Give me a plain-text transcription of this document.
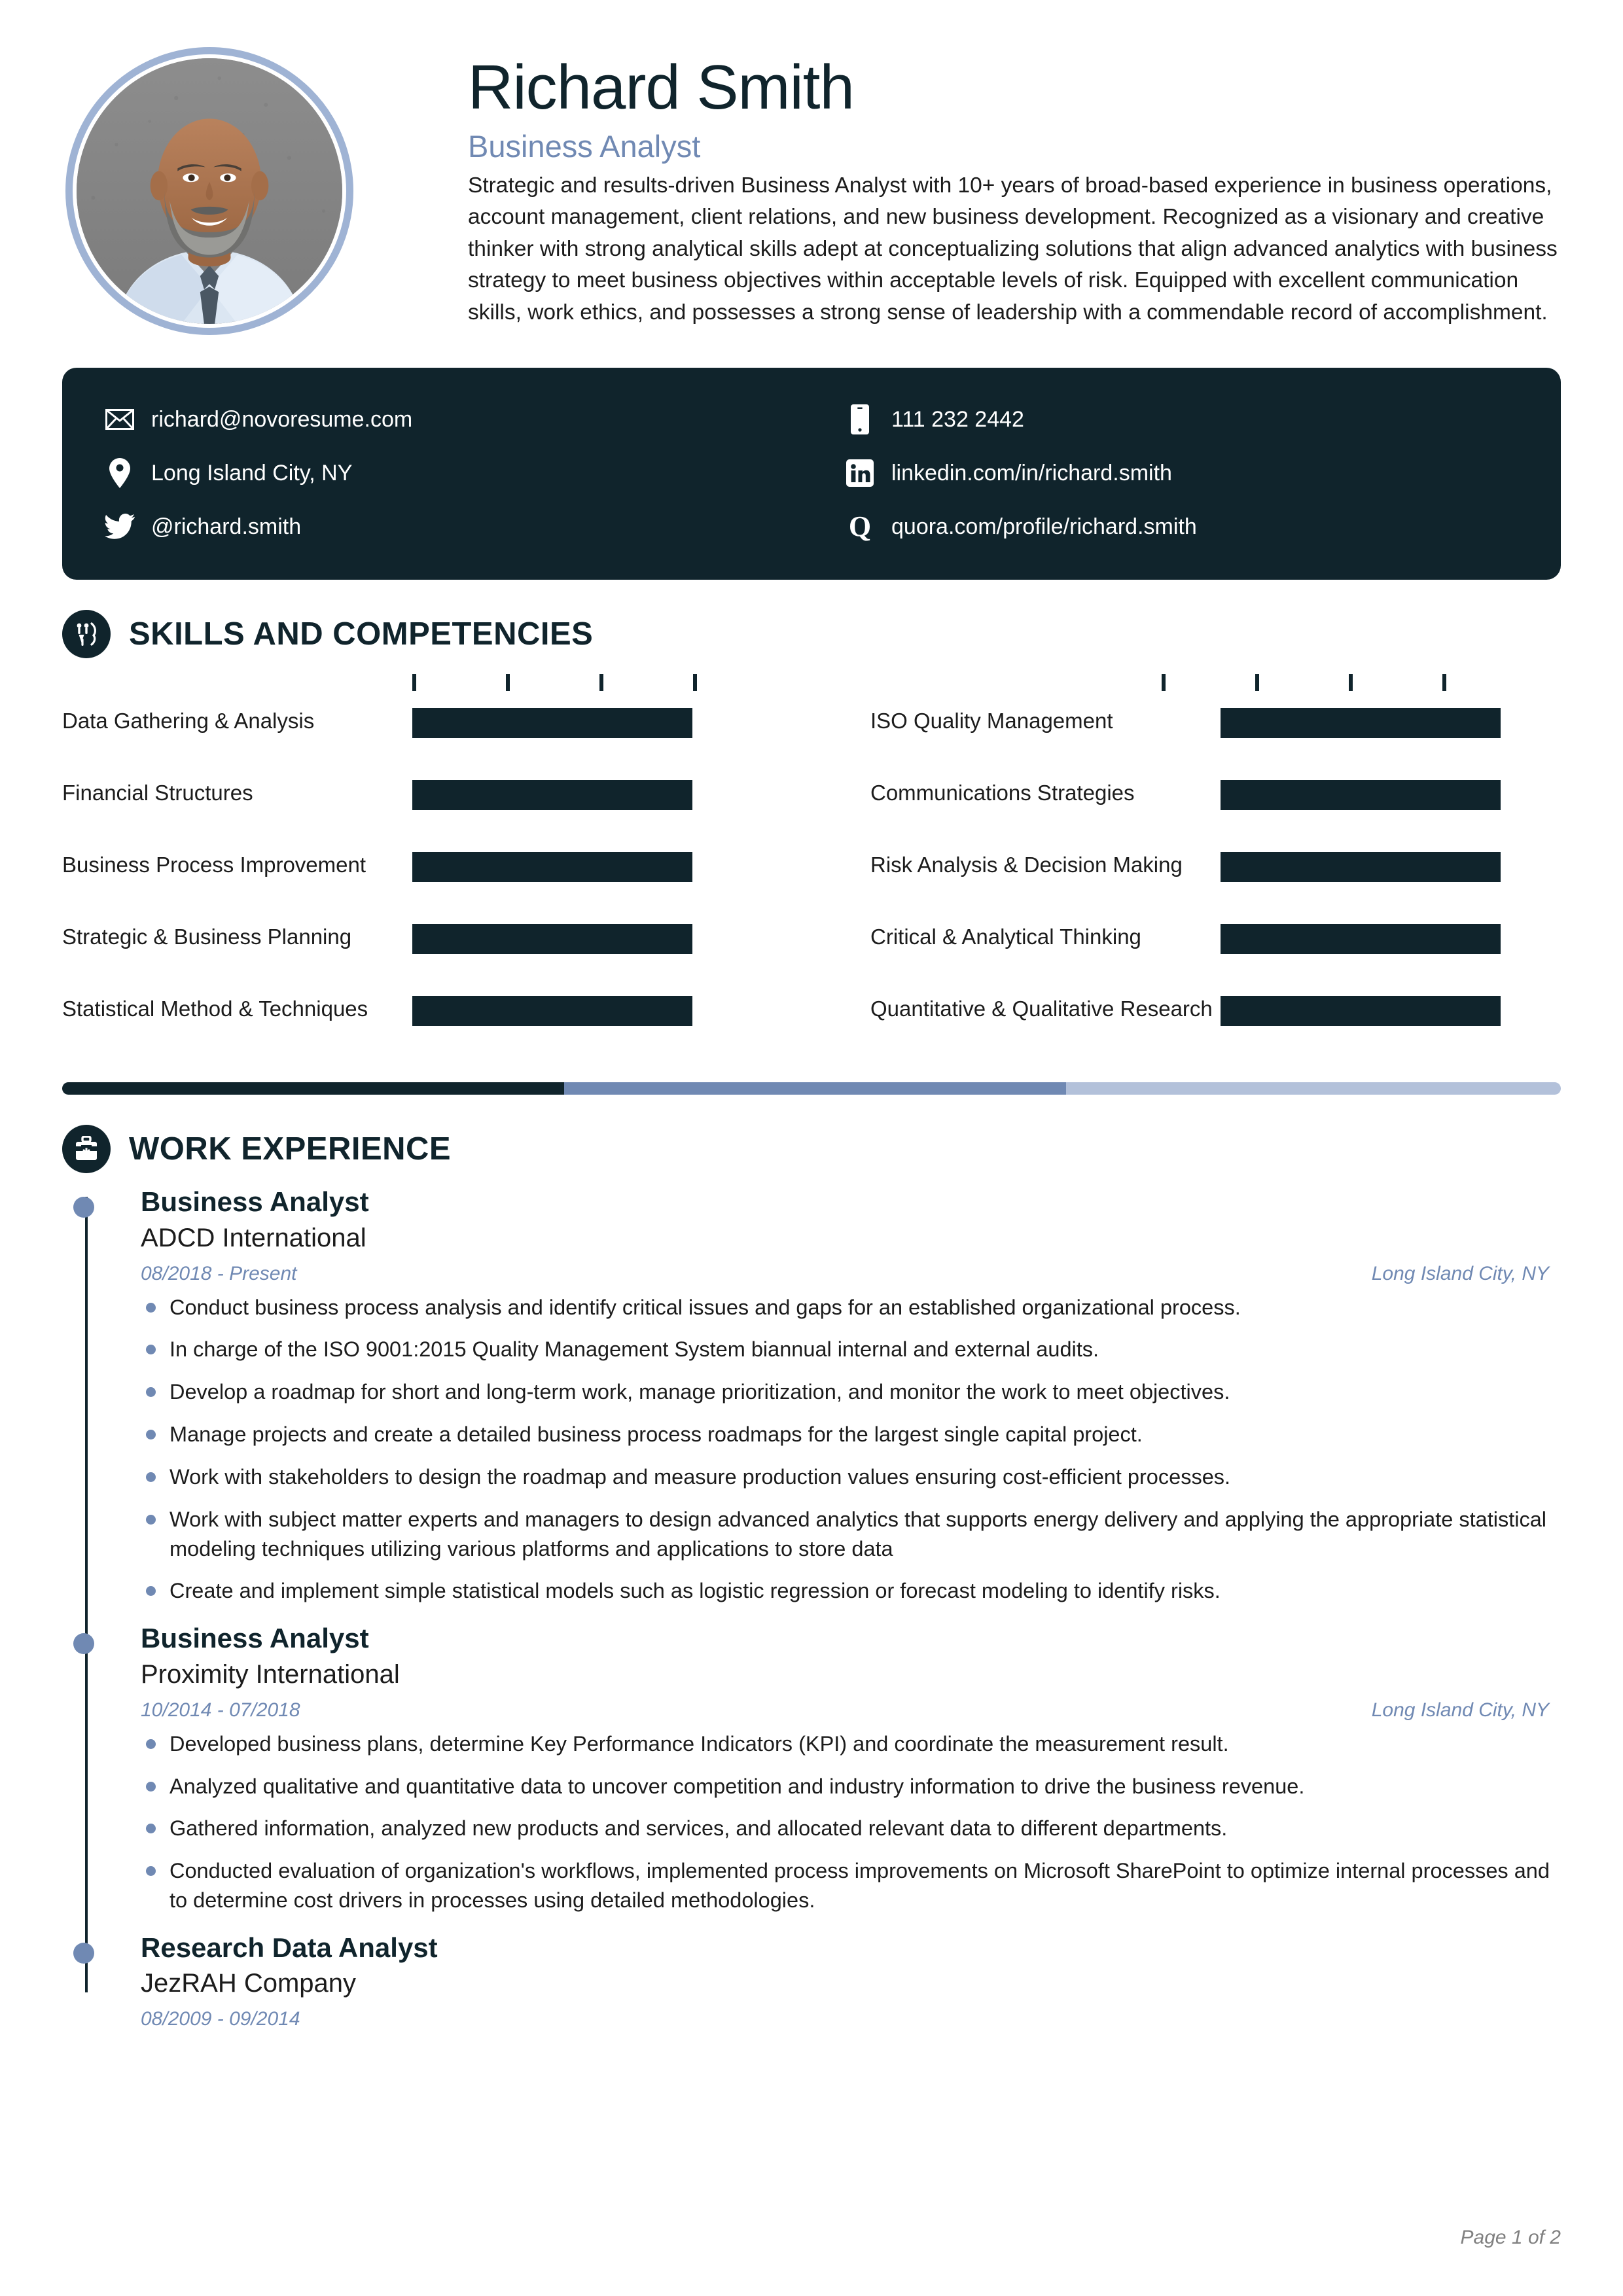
Richard Smith
Business Analyst

Strategic and results-driven Business Analyst with 10+ years of broad-based experience in business operations, account management, client relations, and new business development. Recognized as a visionary and creative thinker with strong analytical skills adept at conceptualizing solutions that align advanced analytics with business strategy to meet business objectives within acceptable levels of risk. Equipped with excellent communication skills, work ethics, and possesses a strong sense of leadership with a commendable record of accomplishment.

richard@novoresume.com
Long Island City, NY
@richard.smith
111 232 2442
linkedin.com/in/richard.smith
Q quora.com/profile/richard.smith
SKILLS AND COMPETENCIES
Data Gathering & Analysis
Financial Structures
Business Process Improvement
Strategic & Business Planning
Statistical Method & Techniques
ISO Quality Management
Communications Strategies
Risk Analysis & Decision Making
Critical & Analytical Thinking
Quantitative & Qualitative Research
WORK EXPERIENCE
Business Analyst
ADCD International
08/2018 - Present	Long Island City, NY
Conduct business process analysis and identify critical issues and gaps for an established organizational process.
In charge of the ISO 9001:2015 Quality Management System biannual internal and external audits.
Develop a roadmap for short and long-term work, manage prioritization, and monitor the work to meet objectives.
Manage projects and create a detailed business process roadmaps for the largest single capital project.
Work with stakeholders to design the roadmap and measure production values ensuring cost-efficient processes.
Work with subject matter experts and managers to design advanced analytics that supports energy delivery and applying the appropriate statistical modeling techniques utilizing various platforms and applications to store data
Create and implement simple statistical models such as logistic regression or forecast modeling to identify risks.
Business Analyst
Proximity International
10/2014 - 07/2018	Long Island City, NY
Developed business plans, determine Key Performance Indicators (KPI) and coordinate the measurement result.
Analyzed qualitative and quantitative data to uncover competition and industry information to drive the business revenue.
Gathered information, analyzed new products and services, and allocated relevant data to different departments.
Conducted evaluation of organization's workflows, implemented process improvements on Microsoft SharePoint to optimize internal processes and to determine cost drivers in processes using detailed methodologies.
Research Data Analyst
JezRAH Company
08/2009 - 09/2014
Page 1 of 2
